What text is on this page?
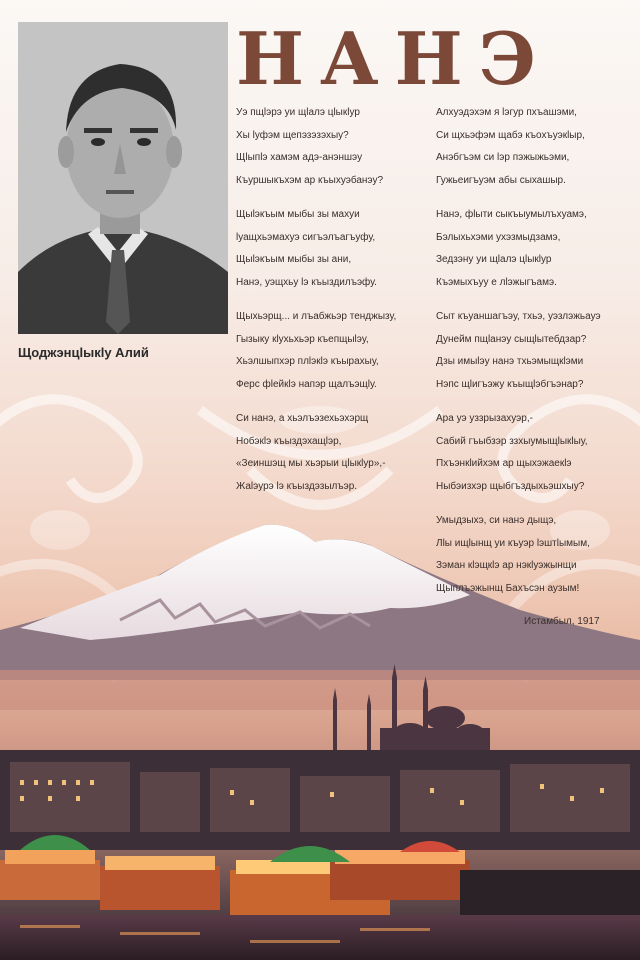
Щоджэнцlыкlу Алий
НАНЭ
Уэ пщlэрэ уи щlалэ цlыкlур
Хы lуфэм щепэзэзэхыу?
Щlыпlэ хамэм адэ-анэншэу
Къуршыкъхэм ар къыхуэбанэу?
Щыlэкъым мыбы зы махуи
lуащхьэмахуэ сигъэлъагъуфу,
Щыlэкъым мыбы зы ани,
Нанэ, уэщхьу lэ къыздилъэфу.
Щыхьэрщ... и лъабжьэр тенджызу,
Гызыку кlухьхьэр къепщыlэу,
Хьэлшыпхэр плlэкlэ къырахыу,
Ферс фlейкlэ напэр щалъэщlу.
Си нанэ, а хьэлъэзехьэхэрщ
Нобэкlэ къыздэхащlэр,
«Зеиншэщ мы хьэрыи цlыкlур»,-
Жаlэурэ lэ къыздэзылъэр.
Алхуэдэхэм я lэгур пхъашэми,
Си щхьэфэм щабэ къохъуэкlыр,
Анэбгъэм си lэр пэжыжьэми,
Гужьеигъуэм абы сыхашыр.
Нанэ, фlыти сыкъыумылъхуамэ,
Бэлыхьхэми ухэзмыдзамэ,
Зедзэну уи щlалэ цlыкlур
Къэмыхъуу е лlэжыгъамэ.
Сыт къуаншагъэу, тхьэ, уэзлэжьауэ
Дунейм пщlанэу сыщlытебдзар?
Дзы имыlэу нанэ тхьэмыщкlэми
Нэпс щlигъэжу къыщlэбгъэнар?
Ара уэ уззрызахуэр,-
Сабий гъыбзэр ззхыумыщlыкlыу,
Пхъэнкlийхэм ар щыхэжаекlэ
Ныбэизхэр щыбгъздыхьэшхыу?
Умыдзыхэ, си нанэ дыщэ,
Лlы ищlынщ уи къуэр lэштlымым,
Зэман кlэщкlэ ар нэкlуэжынщи
Щыплъэжынщ Бахъсэн аузым!
Истамбыл, 1917
